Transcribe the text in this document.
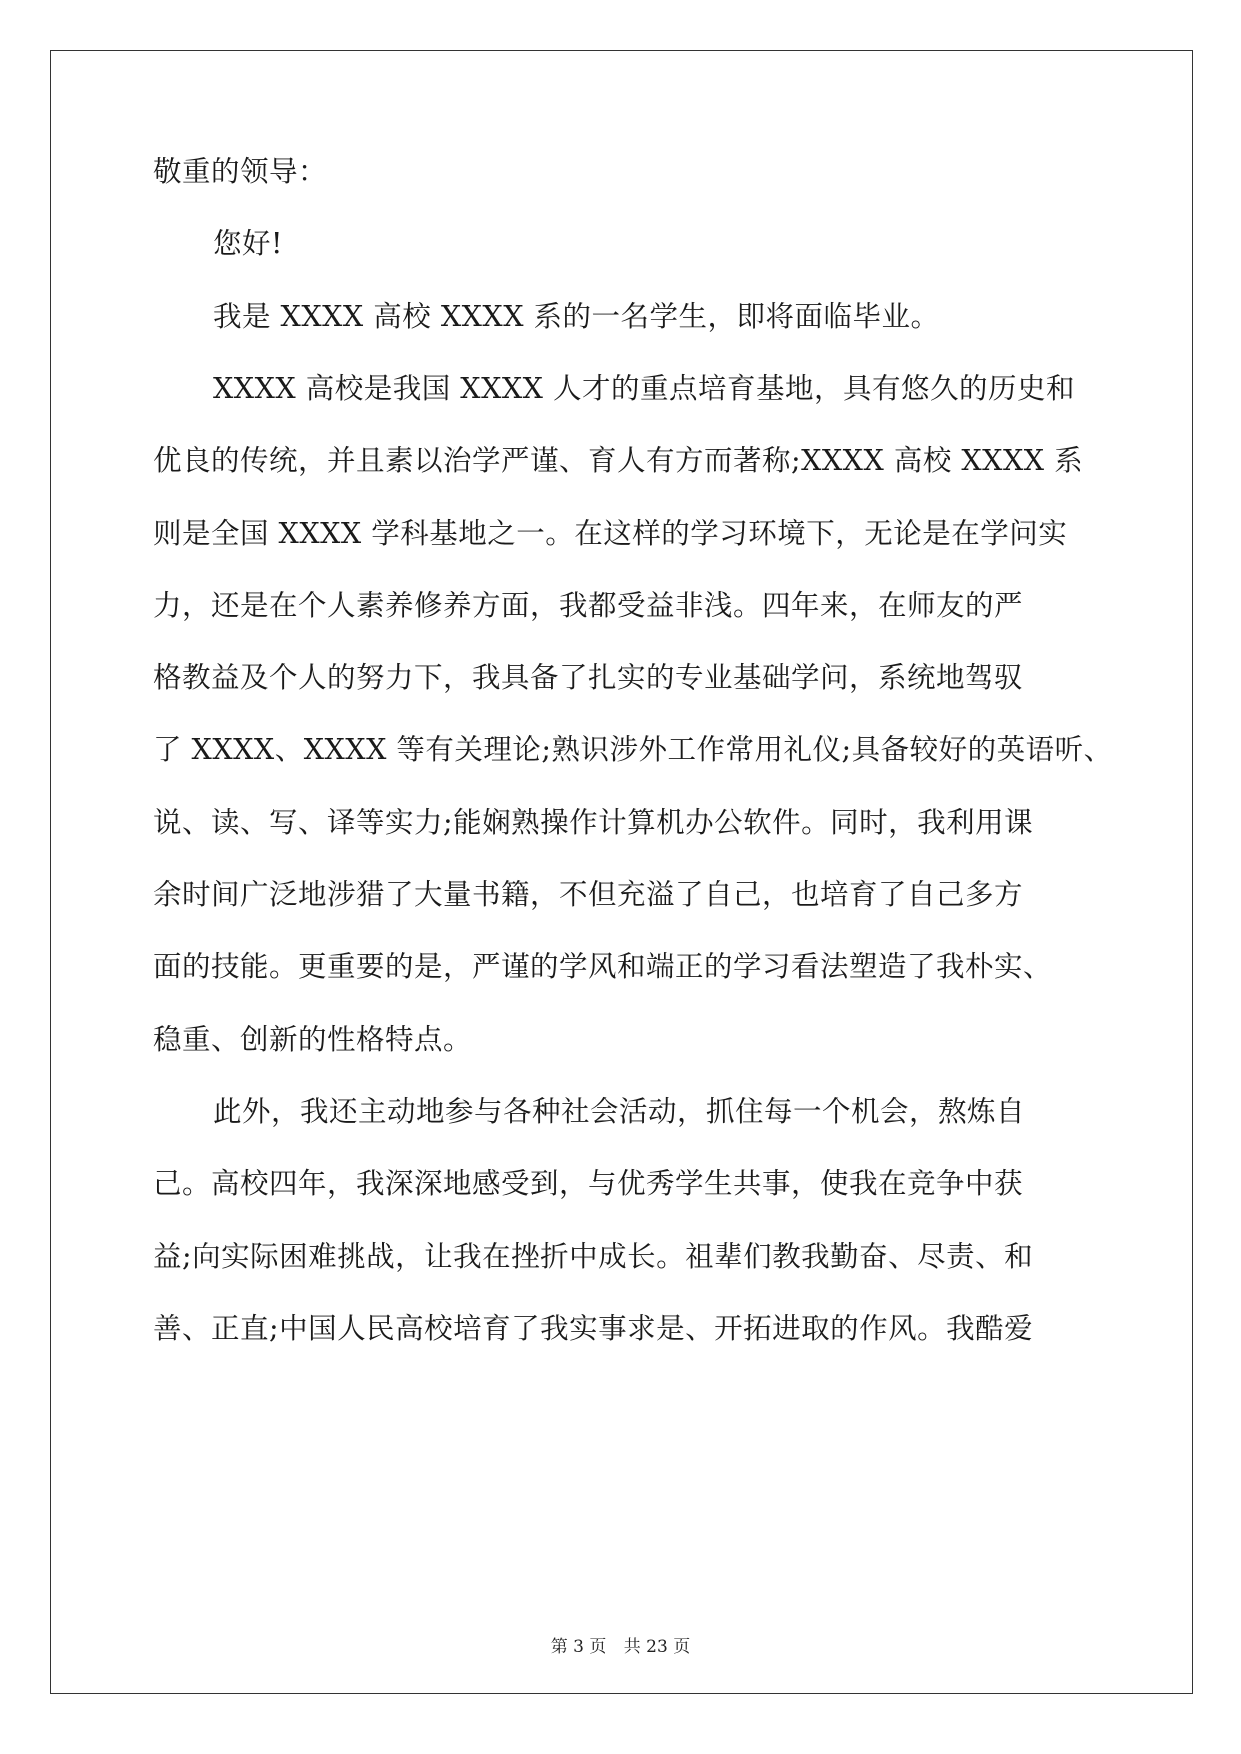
敬重的领导：

您好!

我是 XXXX 高校 XXXX 系的一名学生，即将面临毕业。

XXXX 高校是我国 XXXX 人才的重点培育基地，具有悠久的历史和

优良的传统，并且素以治学严谨、育人有方而著称;XXXX 高校 XXXX 系

则是全国 XXXX 学科基地之一。在这样的学习环境下，无论是在学问实

力，还是在个人素养修养方面，我都受益非浅。四年来，在师友的严

格教益及个人的努力下，我具备了扎实的专业基础学问，系统地驾驭

了 XXXX、XXXX 等有关理论;熟识涉外工作常用礼仪;具备较好的英语听、

说、读、写、译等实力;能娴熟操作计算机办公软件。同时，我利用课

余时间广泛地涉猎了大量书籍，不但充溢了自己，也培育了自己多方

面的技能。更重要的是，严谨的学风和端正的学习看法塑造了我朴实、

稳重、创新的性格特点。

此外，我还主动地参与各种社会活动，抓住每一个机会，熬炼自

己。高校四年，我深深地感受到，与优秀学生共事，使我在竞争中获

益;向实际困难挑战，让我在挫折中成长。祖辈们教我勤奋、尽责、和

善、正直;中国人民高校培育了我实事求是、开拓进取的作风。我酷爱

第 3 页 共 23 页
